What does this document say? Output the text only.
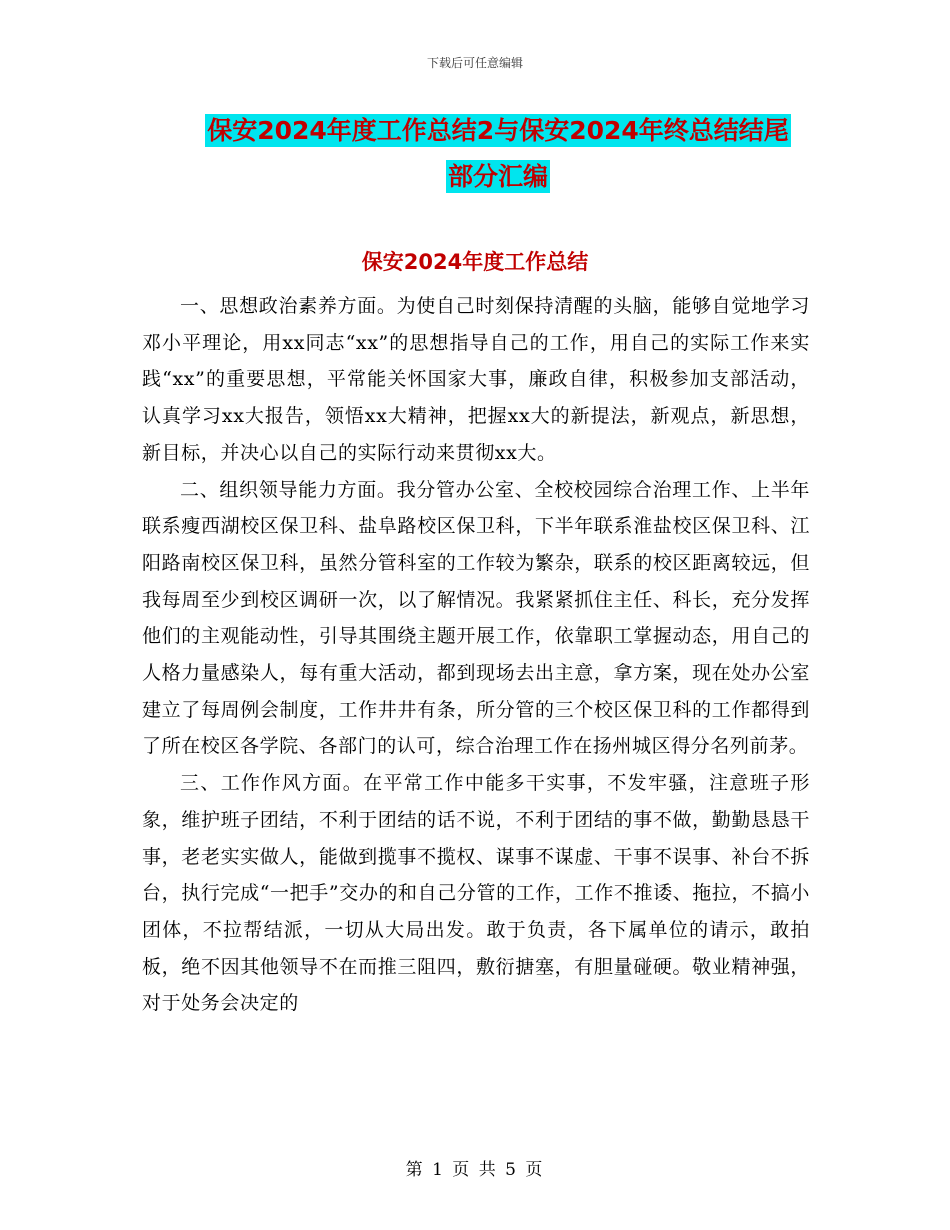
下载后可任意编辑
保安2024年度工作总结2与保安2024年终总结结尾
部分汇编
保安2024年度工作总结

一、思想政治素养方面。为使自己时刻保持清醒的头脑，能够自觉地学习邓小平理论，用xx同志“xx”的思想指导自己的工作，用自己的实际工作来实践“xx”的重要思想，平常能关怀国家大事，廉政自律，积极参加支部活动，认真学习xx大报告，领悟xx大精神，把握xx大的新提法，新观点，新思想，新目标，并决心以自己的实际行动来贯彻xx大。

二、组织领导能力方面。我分管办公室、全校校园综合治理工作、上半年联系瘦西湖校区保卫科、盐阜路校区保卫科，下半年联系淮盐校区保卫科、江阳路南校区保卫科，虽然分管科室的工作较为繁杂，联系的校区距离较远，但我每周至少到校区调研一次，以了解情况。我紧紧抓住主任、科长，充分发挥他们的主观能动性，引导其围绕主题开展工作，依靠职工掌握动态，用自己的人格力量感染人，每有重大活动，都到现场去出主意，拿方案，现在处办公室建立了每周例会制度，工作井井有条，所分管的三个校区保卫科的工作都得到了所在校区各学院、各部门的认可，综合治理工作在扬州城区得分名列前茅。

三、工作作风方面。在平常工作中能多干实事，不发牢骚，注意班子形象，维护班子团结，不利于团结的话不说，不利于团结的事不做，勤勤恳恳干事，老老实实做人，能做到揽事不揽权、谋事不谋虚、干事不误事、补台不拆台，执行完成“一把手”交办的和自己分管的工作，工作不推诿、拖拉，不搞小团体，不拉帮结派，一切从大局出发。敢于负责，各下属单位的请示，敢拍板，绝不因其他领导不在而推三阻四，敷衍搪塞，有胆量碰硬。敬业精神强，对于处务会决定的

第 1 页 共 5 页
